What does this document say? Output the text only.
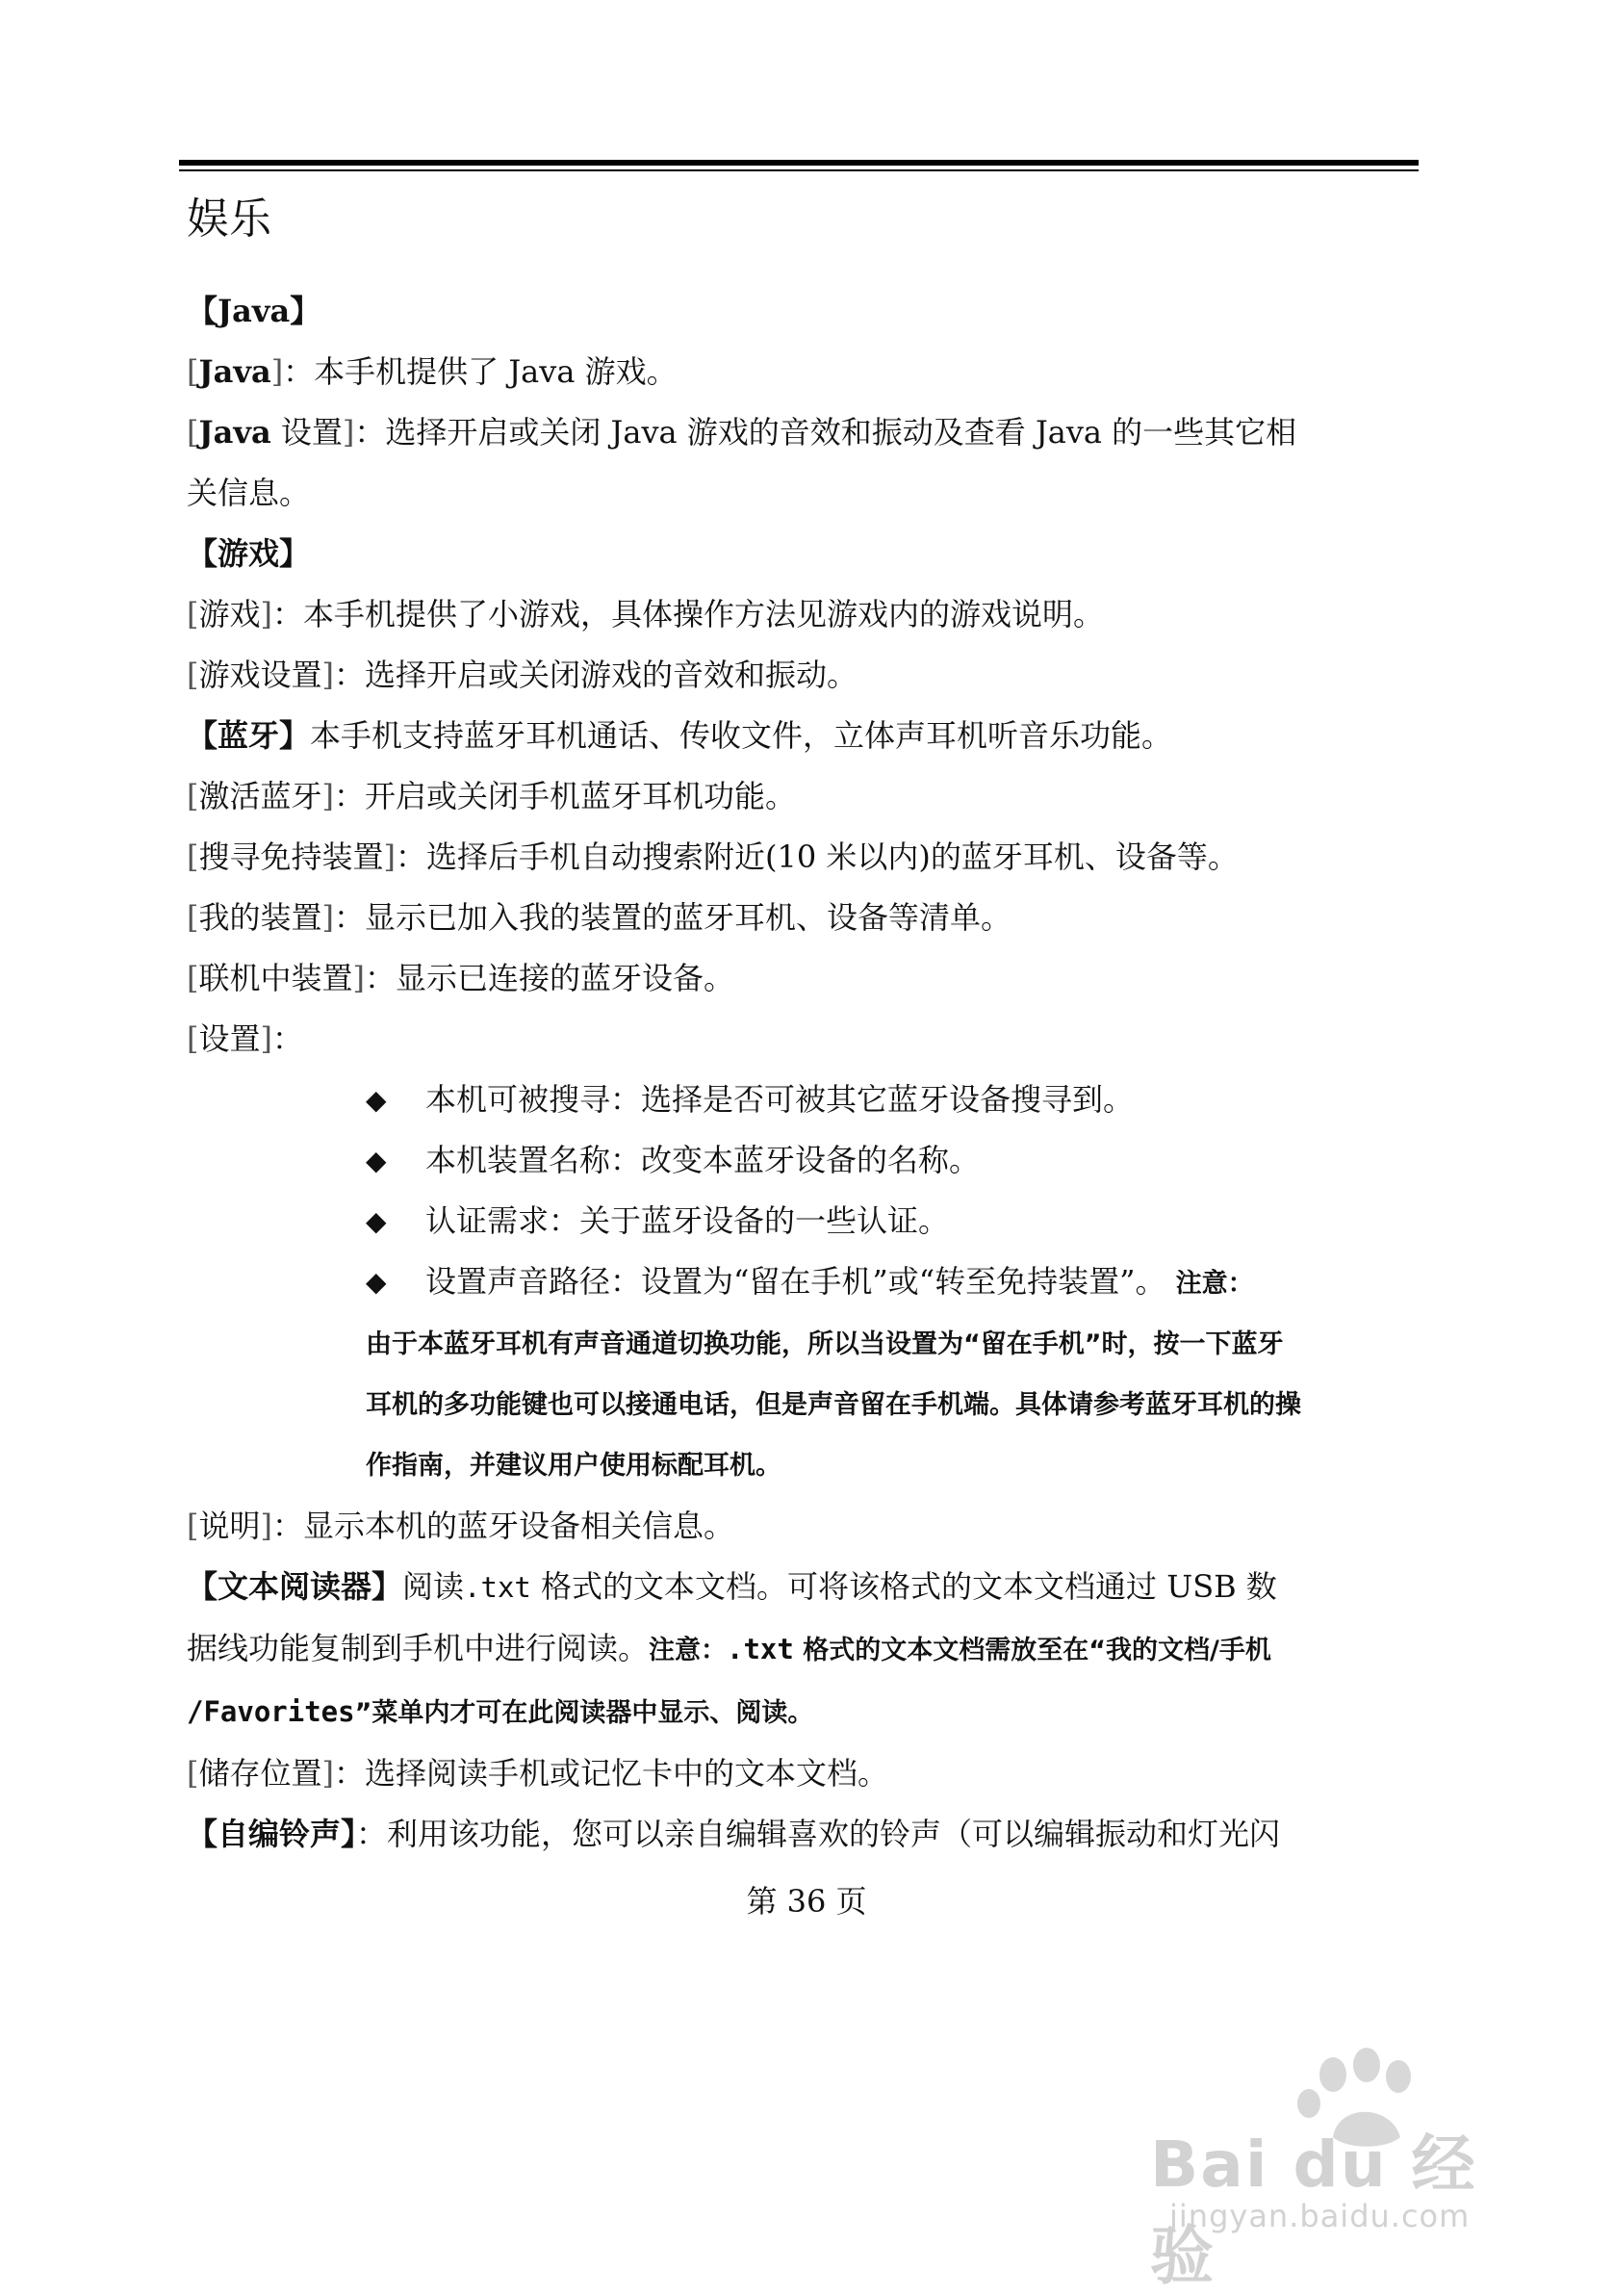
娱乐

【Java】

[Java]：本手机提供了 Java 游戏。

[Java 设置]：选择开启或关闭 Java 游戏的音效和振动及查看 Java 的一些其它相

关信息。

【游戏】

[游戏]：本手机提供了小游戏，具体操作方法见游戏内的游戏说明。

[游戏设置]：选择开启或关闭游戏的音效和振动。

【蓝牙】本手机支持蓝牙耳机通话、传收文件，立体声耳机听音乐功能。

[激活蓝牙]：开启或关闭手机蓝牙耳机功能。

[搜寻免持装置]：选择后手机自动搜索附近(10 米以内)的蓝牙耳机、设备等。

[我的装置]：显示已加入我的装置的蓝牙耳机、设备等清单。

[联机中装置]：显示已连接的蓝牙设备。

[设置]：

◆ 本机可被搜寻：选择是否可被其它蓝牙设备搜寻到。
◆ 本机装置名称：改变本蓝牙设备的名称。
◆ 认证需求：关于蓝牙设备的一些认证。
◆ 设置声音路径：设置为“留在手机”或“转至免持装置”。 注意：
由于本蓝牙耳机有声音通道切换功能，所以当设置为“留在手机”时，按一下蓝牙
耳机的多功能键也可以接通电话，但是声音留在手机端。具体请参考蓝牙耳机的操
作指南，并建议用户使用标配耳机。

[说明]：显示本机的蓝牙设备相关信息。

【文本阅读器】阅读.txt 格式的文本文档。可将该格式的文本文档通过 USB 数

据线功能复制到手机中进行阅读。注意：.txt 格式的文本文档需放至在“我的文档/手机

/Favorites”菜单内才可在此阅读器中显示、阅读。

[储存位置]：选择阅读手机或记忆卡中的文本文档。

【自编铃声】：利用该功能，您可以亲自编辑喜欢的铃声（可以编辑振动和灯光闪

第 36 页
Bai du 经验
jingyan.baidu.com
